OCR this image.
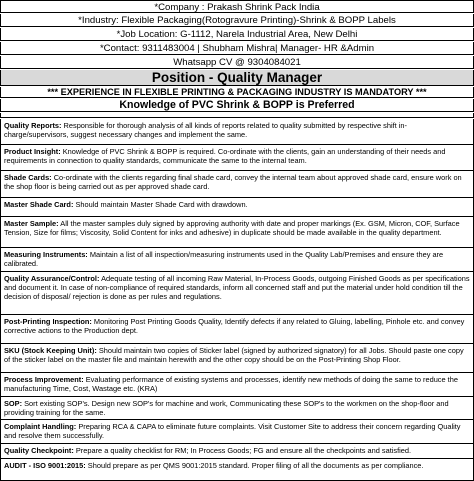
*Company : Prakash Shrink Pack India
*Industry: Flexible Packaging(Rotogravure Printing)-Shrink & BOPP Labels
*Job Location: G-1112, Narela Industrial Area, New Delhi
*Contact: 9311483004 | Shubham Mishra| Manager- HR &Admin
Whatsapp CV @ 9304084021
Position - Quality Manager
*** EXPERIENCE IN FLEXIBLE PRINTING & PACKAGING INDUSTRY IS MANDATORY ***
Knowledge of PVC Shrink & BOPP is Preferred
Quality Reports: Responsible for thorough analysis of all kinds of reports related to quality submitted by respective shift in-charge/supervisors, suggest necessary changes and implement the same.
Product Insight: Knowledge of PVC Shrink & BOPP is required. Co-ordinate with the clients, gain an understanding of their needs and requirements in connection to quality standards, communicate the same to the internal team.
Shade Cards: Co-ordinate with the clients regarding final shade card, convey the internal team about approved shade card, ensure work on the shop floor is being carried out as per approved shade card.
Master Shade Card: Should maintain Master Shade Card with drawdown.
Master Sample: All the master samples duly signed by approving authority with date and proper markings (Ex. GSM, Micron, COF, Surface Tension, Size for films; Viscosity, Solid Content for inks and adhesive) in duplicate should be made available in the quality department.
Measuring Instruments: Maintain a list of all inspection/measuring instruments used in the Quality Lab/Premises and ensure they are calibrated.
Quality Assurance/Control: Adequate testing of all incoming Raw Material, In-Process Goods, outgoing Finished Goods as per specifications and document it. In case of non-compliance of required standards, inform all concerned staff and put the material under hold condition till the decision of disposal/ rejection is done as per rules and regulations.
Post-Printing Inspection: Monitoring Post Printing Goods Quality, Identify defects if any related to Gluing, labelling, Pinhole etc. and convey corrective actions to the Production dept.
SKU (Stock Keeping Unit): Should maintain two copies of Sticker label (signed by authorized signatory) for all Jobs. Should paste one copy of the sticker label on the master file and maintain herewith and the other copy should be on the Post-Printing Shop Floor.
Process Improvement: Evaluating performance of existing systems and processes, identify new methods of doing the same to reduce the manufacturing Time, Cost, Wastage etc. (KRA)
SOP: Sort existing SOP's. Design new SOP's for machine and work, Communicating these SOP's to the workmen on the shop-floor and providing training for the same.
Complaint Handling: Preparing RCA & CAPA to eliminate future complaints. Visit Customer Site to address their concern regarding Quality and resolve them successfully.
Quality Checkpoint: Prepare a quality checklist for RM; In Process Goods; FG and ensure all the checkpoints and satisfied.
AUDIT - ISO 9001:2015: Should prepare as per QMS 9001:2015 standard. Proper filing of all the documents as per compliance.
